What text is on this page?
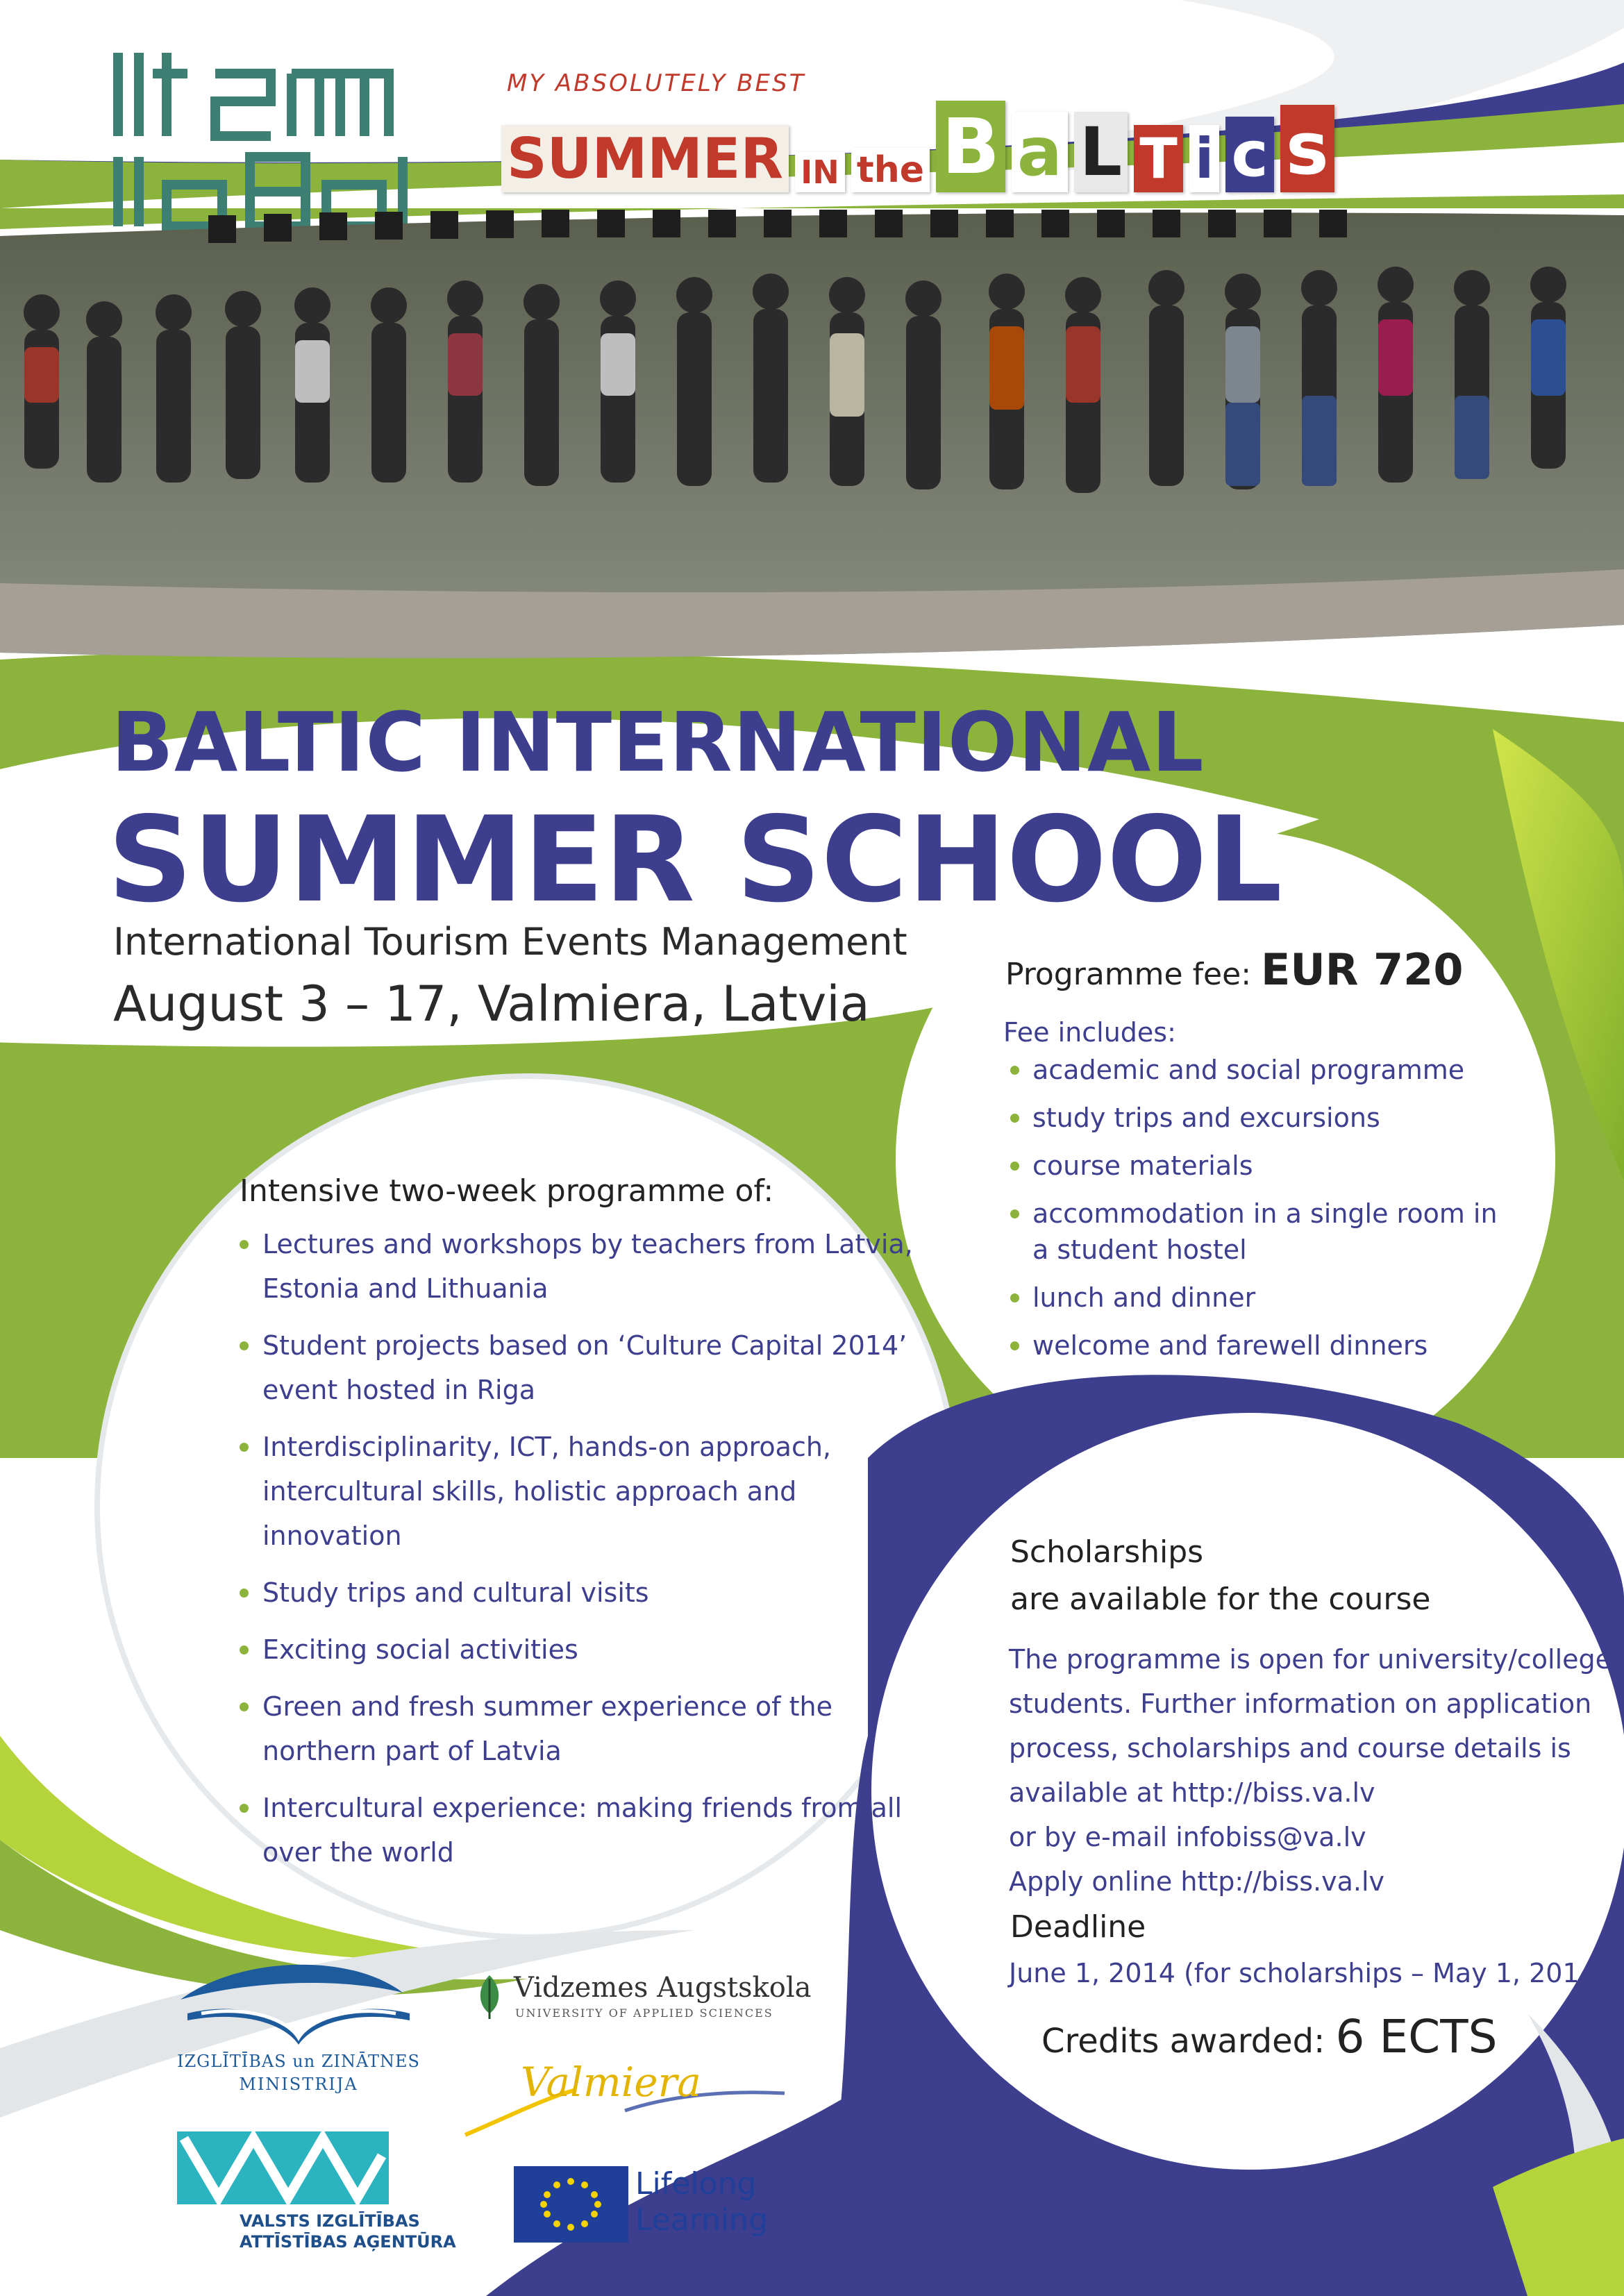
MY ABSOLUTELY BEST
SUMMER IN the B a L T i c s
BALTIC INTERNATIONAL
SUMMER SCHOOL
International Tourism Events Management
August 3 – 17, Valmiera, Latvia
Intensive two-week programme of:
Lectures and workshops by teachers from Latvia, Estonia and Lithuania
Student projects based on ‘Culture Capital 2014’ event hosted in Riga
Interdisciplinarity, ICT, hands-on approach, intercultural skills, holistic approach and innovation
Study trips and cultural visits
Exciting social activities
Green and fresh summer experience of the northern part of Latvia
Intercultural experience: making friends from all over the world
Programme fee: EUR 720
Fee includes:
academic and social programme
study trips and excursions
course materials
accommodation in a single room in a student hostel
lunch and dinner
welcome and farewell dinners
Scholarships
are available for the course
The programme is open for university/college
students. Further information on application
process, scholarships and course details is
available at http://biss.va.lv
or by e-mail infobiss@va.lv
Apply online http://biss.va.lv
Deadline
June 1, 2014 (for scholarships – May 1, 2014)
Credits awarded: 6 ECTS
IZGLĪTĪBAS un ZINĀTNES
MINISTRIJA
Vidzemes Augstskola
UNIVERSITY OF APPLIED SCIENCES
Valmiera
VALSTS IZGLĪTĪBAS
ATTĪSTĪBAS AĢENTŪRA
Lifelong
Learning
